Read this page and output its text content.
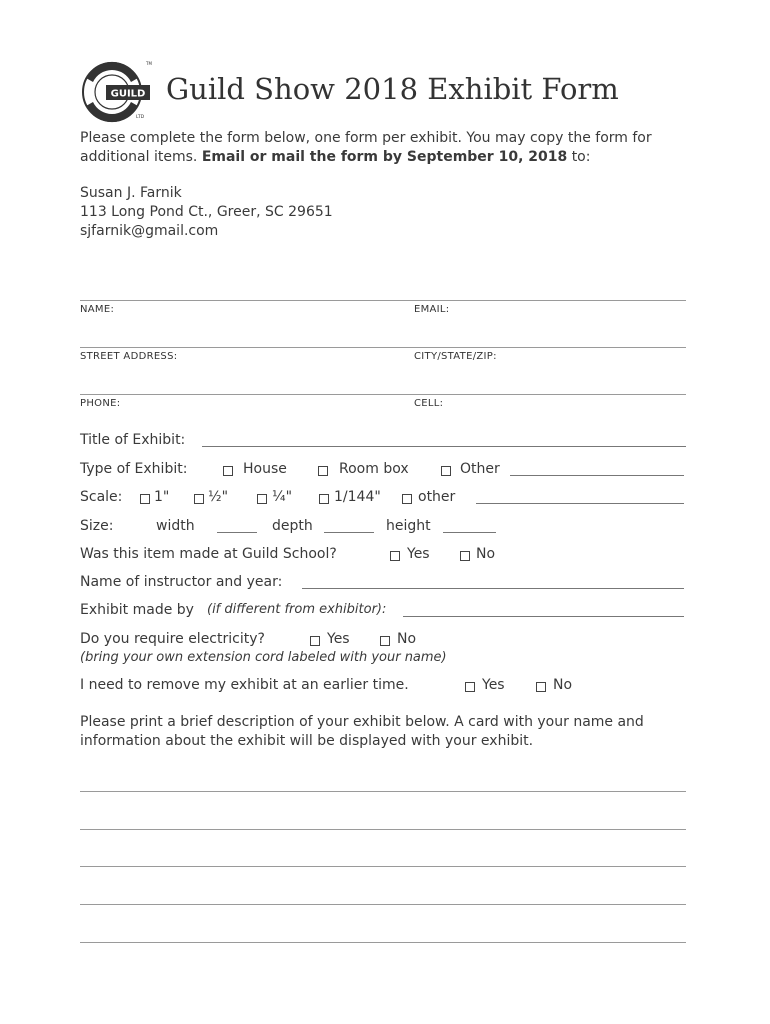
GUILD
TM
LTD
Guild Show 2018 Exhibit Form
Please complete the form below, one form per exhibit. You may copy the form for additional items. Email or mail the form by September 10, 2018 to:
Susan J. Farnik
113 Long Pond Ct., Greer, SC 29651
sjfarnik@gmail.com
NAME:	EMAIL:
STREET ADDRESS:	CITY/STATE/ZIP:
PHONE:	CELL:
Title of Exhibit:
Type of Exhibit:	House	Room box	Other
Scale: 1"	½"	¼"	1/144"	other
Size:	width	depth	height
Was this item made at Guild School?	Yes	No
Name of instructor and year:
Exhibit made by (if different from exhibitor):
Do you require electricity?	Yes	No
(bring your own extension cord labeled with your name)
I need to remove my exhibit at an earlier time.	Yes	No
Please print a brief description of your exhibit below. A card with your name and information about the exhibit will be displayed with your exhibit.
